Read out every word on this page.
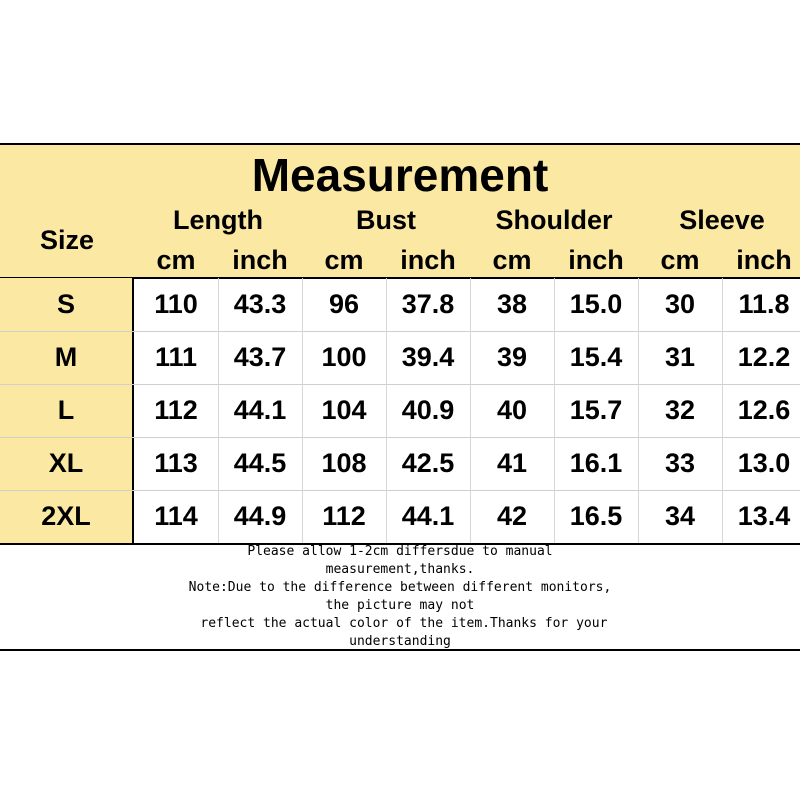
Measurement
Size
Length	Bust	Shoulder	Sleeve
cm	inch	cm	inch	cm	inch	cm	inch
S	110	43.3	96	37.8	38	15.0	30	11.8
M	111	43.7	100	39.4	39	15.4	31	12.2
L	112	44.1	104	40.9	40	15.7	32	12.6
XL	113	44.5	108	42.5	41	16.1	33	13.0
2XL	114	44.9	112	44.1	42	16.5	34	13.4
Please allow 1-2cm differsdue to manual
measurement,thanks.
Note:Due to the difference between different monitors,
the picture may not
reflect the actual color of the item.Thanks for your
understanding
